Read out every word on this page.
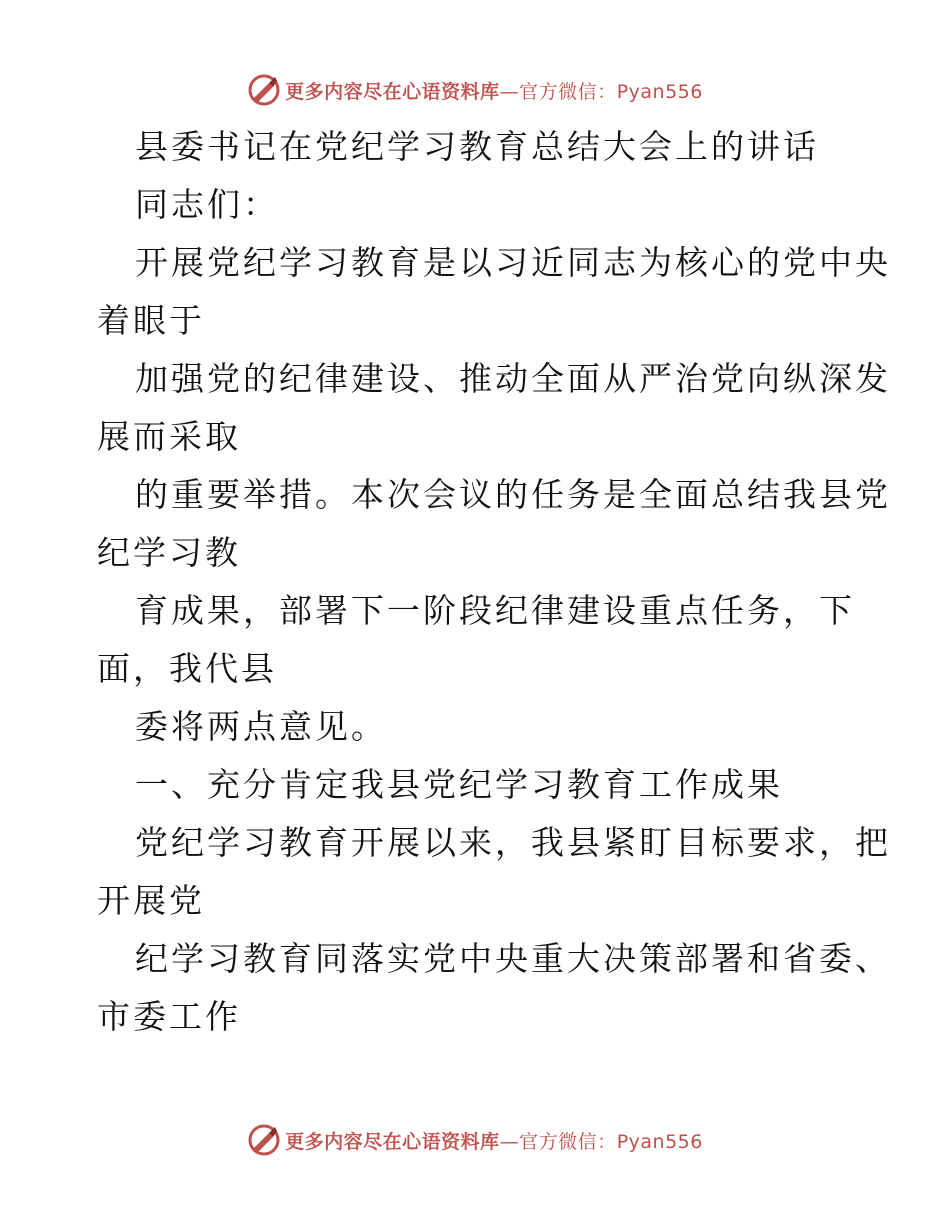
更多内容尽在心语资料库—官方微信：Pyan556
县委书记在党纪学习教育总结大会上的讲话
同志们：
开展党纪学习教育是以习近同志为核心的党中央
着眼于
加强党的纪律建设、推动全面从严治党向纵深发
展而采取
的重要举措。本次会议的任务是全面总结我县党
纪学习教
育成果，部署下一阶段纪律建设重点任务，下
面，我代县
委将两点意见。
一、充分肯定我县党纪学习教育工作成果
党纪学习教育开展以来，我县紧盯目标要求，把
开展党
纪学习教育同落实党中央重大决策部署和省委、
市委工作
更多内容尽在心语资料库—官方微信：Pyan556
